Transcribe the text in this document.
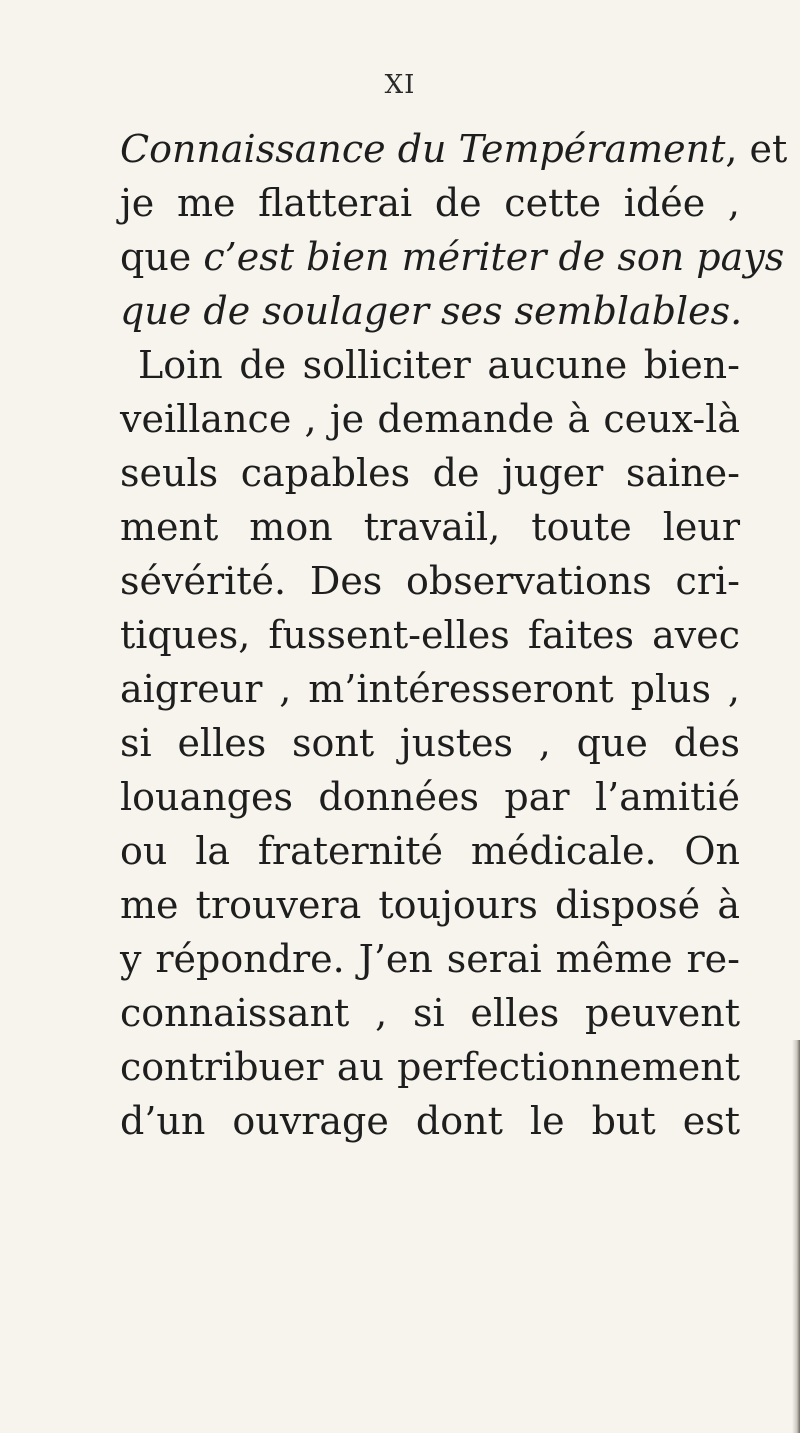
XI
Connaissance du Tempérament, et
je me flatterai de cette idée ,
que c’est bien mériter de son pays
que de soulager ses semblables.
Loin de solliciter aucune bien-
veillance , je demande à ceux-là
seuls capables de juger saine-
ment mon travail, toute leur
sévérité. Des observations cri-
tiques, fussent-elles faites avec
aigreur , m’intéresseront plus ,
si elles sont justes , que des
louanges données par l’amitié
ou la fraternité médicale. On
me trouvera toujours disposé à
y répondre. J’en serai même re-
connaissant , si elles peuvent
contribuer au perfectionnement
d’un ouvrage dont le but est
